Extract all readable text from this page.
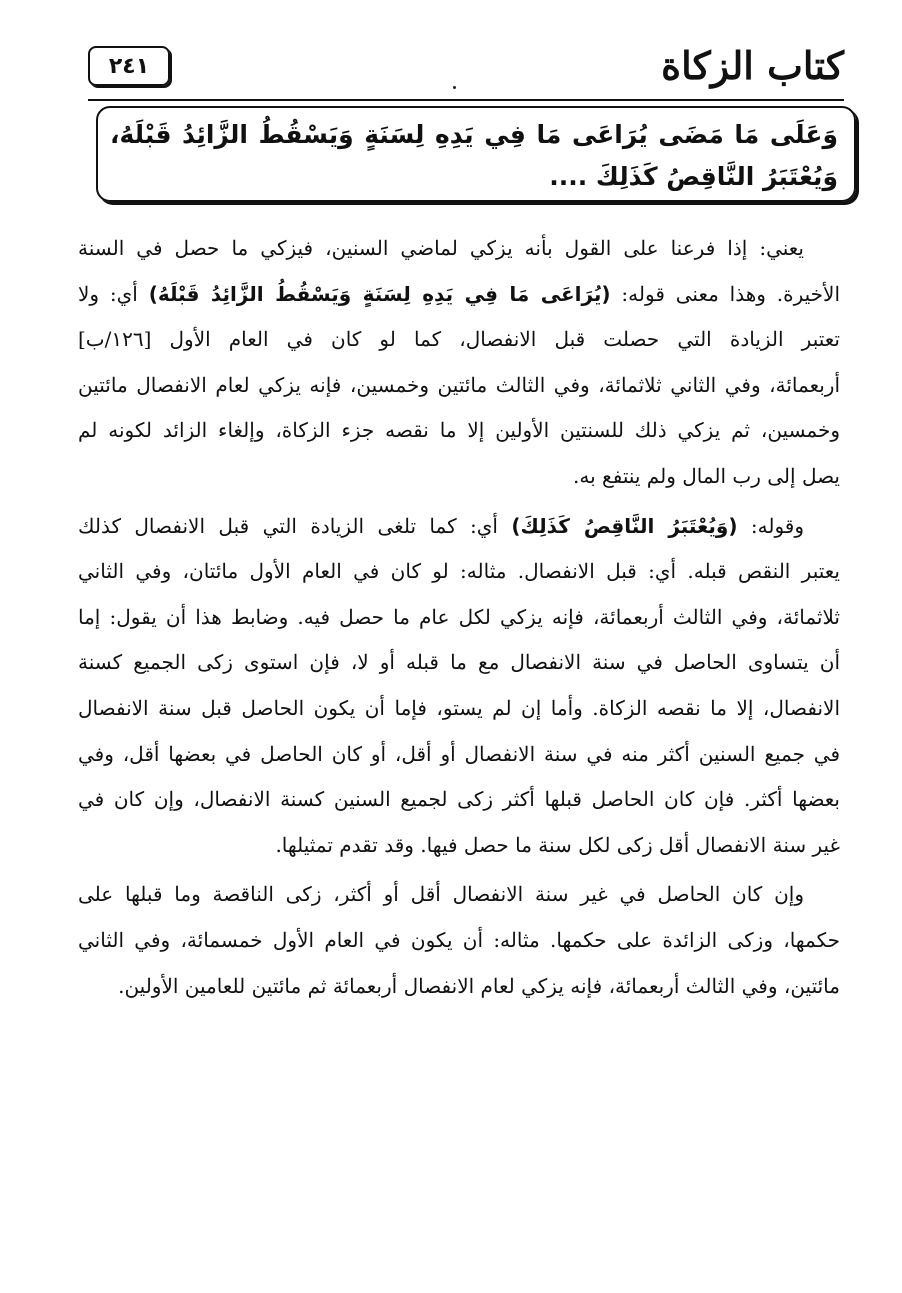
كتاب الزكاة
٢٤١
وَعَلَى مَا مَضَى يُرَاعَى مَا فِي يَدِهِ لِسَنَةٍ وَيَسْقُطُ الزَّائِدُ قَبْلَهُ،
وَيُعْتَبَرُ النَّاقِصُ كَذَلِكَ ....
يعني: إذا فرعنا على القول بأنه يزكي لماضي السنين، فيزكي ما حصل في السنة
الأخيرة. وهذا معنى قوله: (يُرَاعَى مَا فِي يَدِهِ لِسَنَةٍ وَيَسْقُطُ الزَّائِدُ قَبْلَهُ) أي: ولا
تعتبر الزيادة التي حصلت قبل الانفصال، كما لو كان في العام الأول [١٢٦/ب]
أربعمائة، وفي الثاني ثلاثمائة، وفي الثالث مائتين وخمسين، فإنه يزكي لعام الانفصال مائتين
وخمسين، ثم يزكي ذلك للسنتين الأولين إلا ما نقصه جزء الزكاة، وإلغاء الزائد لكونه لم
يصل إلى رب المال ولم ينتفع به.
وقوله: (وَيُعْتَبَرُ النَّاقِصُ كَذَلِكَ) أي: كما تلغى الزيادة التي قبل الانفصال كذلك
يعتبر النقص قبله. أي: قبل الانفصال. مثاله: لو كان في العام الأول مائتان، وفي الثاني
ثلاثمائة، وفي الثالث أربعمائة، فإنه يزكي لكل عام ما حصل فيه. وضابط هذا أن يقول: إما
أن يتساوى الحاصل في سنة الانفصال مع ما قبله أو لا، فإن استوى زكى الجميع كسنة
الانفصال، إلا ما نقصه الزكاة. وأما إن لم يستو، فإما أن يكون الحاصل قبل سنة الانفصال
في جميع السنين أكثر منه في سنة الانفصال أو أقل، أو كان الحاصل في بعضها أقل، وفي
بعضها أكثر. فإن كان الحاصل قبلها أكثر زكى لجميع السنين كسنة الانفصال، وإن كان في
غير سنة الانفصال أقل زكى لكل سنة ما حصل فيها. وقد تقدم تمثيلها.
وإن كان الحاصل في غير سنة الانفصال أقل أو أكثر، زكى الناقصة وما قبلها على
حكمها، وزكى الزائدة على حكمها. مثاله: أن يكون في العام الأول خمسمائة، وفي الثاني
مائتين، وفي الثالث أربعمائة، فإنه يزكي لعام الانفصال أربعمائة ثم مائتين للعامين الأولين.
